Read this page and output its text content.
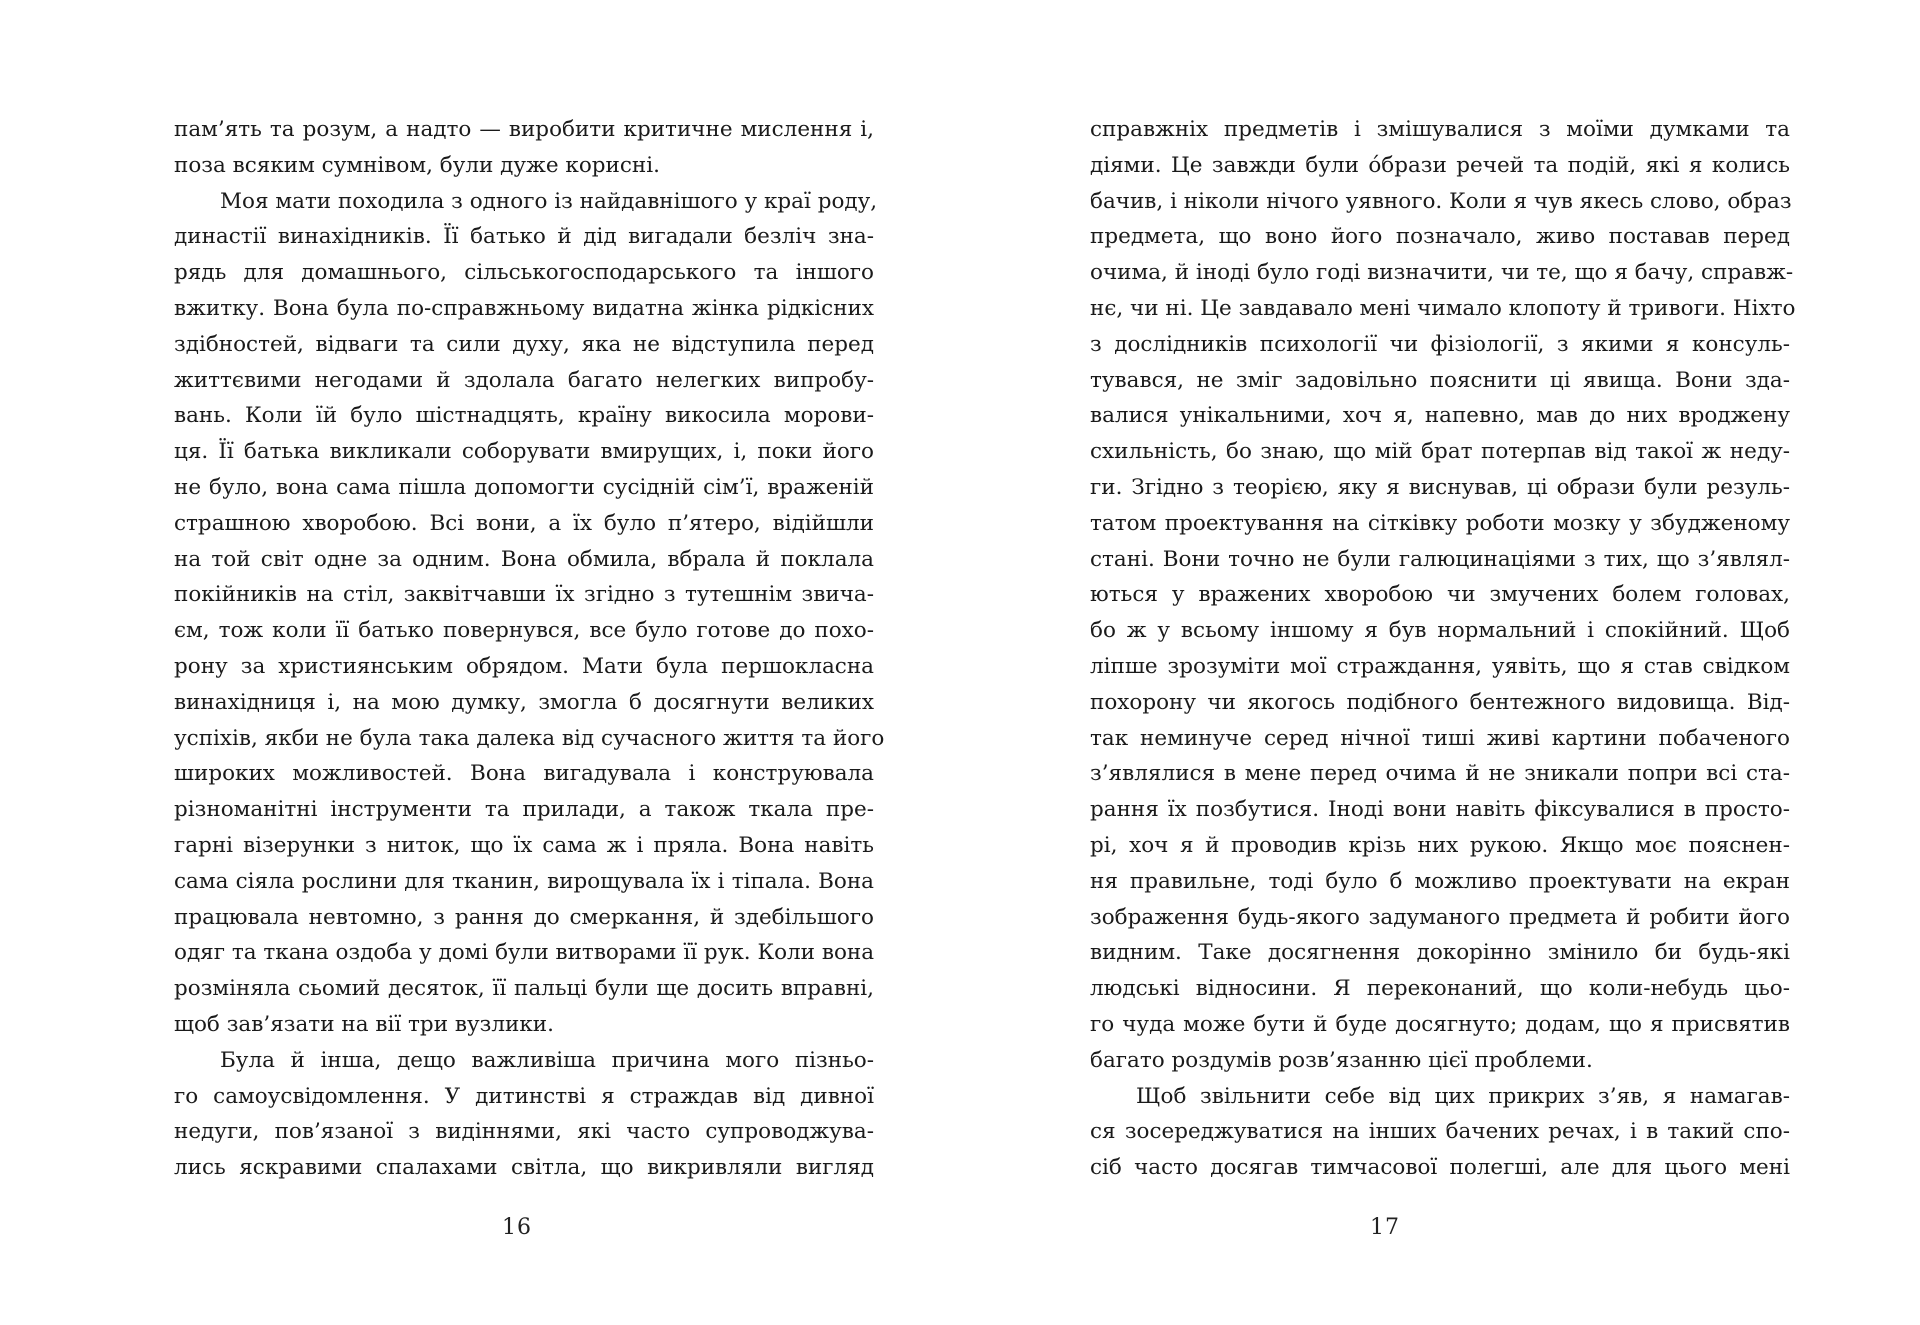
пам’ять та розум, а надто — виробити критичне мислення і,
поза всяким сумнівом, були дуже корисні.
Моя мати походила з одного із найдавнішого у краї роду,
династії винахідників. Її батько й дід вигадали безліч зна-
рядь для домашнього, сільськогосподарського та іншого
вжитку. Вона була по-справжньому видатна жінка рідкісних
здібностей, відваги та сили духу, яка не відступила перед
життєвими негодами й здолала багато нелегких випробу-
вань. Коли їй було шістнадцять, країну викосила морови-
ця. Її батька викликали соборувати вмирущих, і, поки його
не було, вона сама пішла допомогти сусідній сім’ї, враженій
страшною хворобою. Всі вони, а їх було п’ятеро, відійшли
на той світ одне за одним. Вона обмила, вбрала й поклала
покійників на стіл, заквітчавши їх згідно з тутешнім звича-
єм, тож коли її батько повернувся, все було готове до похо-
рону за християнським обрядом. Мати була першокласна
винахідниця і, на мою думку, змогла б досягнути великих
успіхів, якби не була така далека від сучасного життя та його
широких можливостей. Вона вигадувала і конструювала
різноманітні інструменти та прилади, а також ткала пре-
гарні візерунки з ниток, що їх сама ж і пряла. Вона навіть
сама сіяла рослини для тканин, вирощувала їх і тіпала. Вона
працювала невтомно, з рання до смеркання, й здебільшого
одяг та ткана оздоба у домі були витворами її рук. Коли вона
розміняла сьомий десяток, її пальці були ще досить вправні,
щоб зав’язати на вії три вузлики.
Була й інша, дещо важливіша причина мого пізньо-
го самоусвідомлення. У дитинстві я страждав від дивної
недуги, пов’язаної з видіннями, які часто супроводжува-
лись яскравими спалахами світла, що викривляли вигляд
16
справжніх предметів і змішувалися з моїми думками та
діями. Це завжди були óбрази речей та подій, які я колись
бачив, і ніколи нічого уявного. Коли я чув якесь слово, образ
предмета, що воно його позначало, живо поставав перед
очима, й іноді було годі визначити, чи те, що я бачу, справж-
нє, чи ні. Це завдавало мені чимало клопоту й тривоги. Ніхто
з дослідників психології чи фізіології, з якими я консуль-
тувався, не зміг задовільно пояснити ці явища. Вони зда-
валися унікальними, хоч я, напевно, мав до них вроджену
схильність, бо знаю, що мій брат потерпав від такої ж неду-
ги. Згідно з теорією, яку я виснував, ці образи були резуль-
татом проектування на сітківку роботи мозку у збудженому
стані. Вони точно не були галюцинаціями з тих, що з’являл-
ються у вражених хворобою чи змучених болем головах,
бо ж у всьому іншому я був нормальний і спокійний. Щоб
ліпше зрозуміти мої страждання, уявіть, що я став свідком
похорону чи якогось подібного бентежного видовища. Від-
так неминуче серед нічної тиші живі картини побаченого
з’являлися в мене перед очима й не зникали попри всі ста-
рання їх позбутися. Іноді вони навіть фіксувалися в просто-
рі, хоч я й проводив крізь них рукою. Якщо моє пояснен-
ня правильне, тоді було б можливо проектувати на екран
зображення будь-якого задуманого предмета й робити його
видним. Таке досягнення докорінно змінило би будь-які
людські відносини. Я переконаний, що коли-небудь цьо-
го чуда може бути й буде досягнуто; додам, що я присвятив
багато роздумів розв’язанню цієї проблеми.
Щоб звільнити себе від цих прикрих з’яв, я намагав-
ся зосереджуватися на інших бачених речах, і в такий спо-
сіб часто досягав тимчасової полегші, але для цього мені
17
